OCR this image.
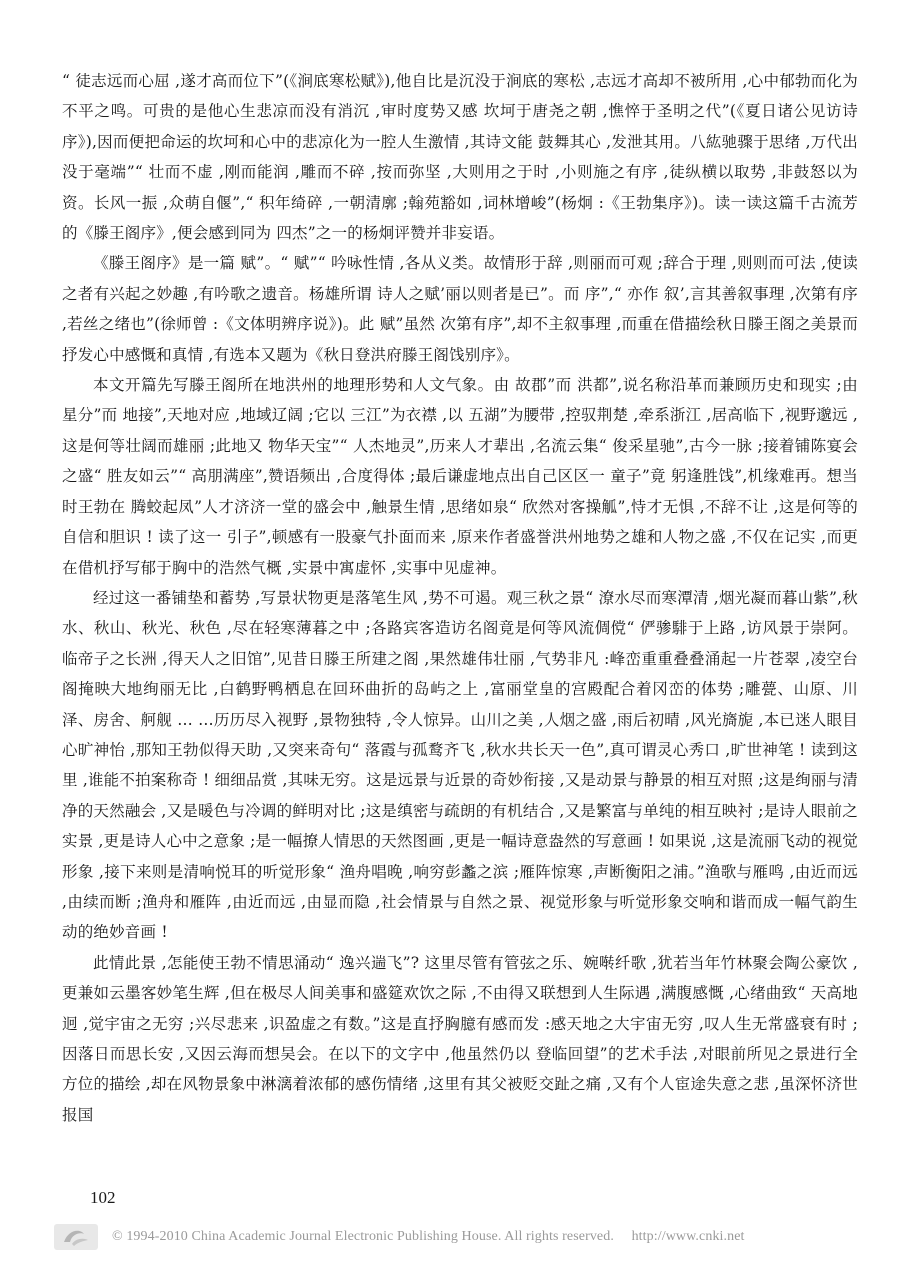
“ 徒志远而心屈 ,遂才高而位下”(《涧底寒松赋》),他自比是沉没于涧底的寒松 ,志远才高却不被所用 ,心中郁勃而化为不平之鸣。可贵的是他心生悲凉而没有消沉 ,审时度势又感 坎坷于唐尧之朝 ,憔悴于圣明之代”(《夏日诸公见访诗序》),因而便把命运的坎坷和心中的悲凉化为一腔人生激情 ,其诗文能 鼓舞其心 ,发泄其用。八紘驰骤于思绪 ,万代出没于毫端”“ 壮而不虚 ,刚而能润 ,雕而不碎 ,按而弥坚 ,大则用之于时 ,小则施之有序 ,徒纵横以取势 ,非鼓怒以为资。长风一振 ,众萌自偃”,“ 积年绮碎 ,一朝清廓 ;翰苑豁如 ,词林增峻”(杨炯 :《王勃集序》)。读一读这篇千古流芳的《滕王阁序》,便会感到同为 四杰”之一的杨炯评赞并非妄语。

《滕王阁序》是一篇 赋”。“ 赋”“ 吟咏性情 ,各从义类。故情形于辞 ,则丽而可观 ;辞合于理 ,则则而可法 ,使读之者有兴起之妙趣 ,有吟歌之遗音。杨雄所谓 诗人之赋’丽以则者是已”。而 序”,“ 亦作 叙’,言其善叙事理 ,次第有序 ,若丝之绪也”(徐师曾 :《文体明辨序说》)。此 赋”虽然 次第有序”,却不主叙事理 ,而重在借描绘秋日滕王阁之美景而抒发心中感慨和真情 ,有选本又题为《秋日登洪府滕王阁饯别序》。

本文开篇先写滕王阁所在地洪州的地理形势和人文气象。由 故郡”而 洪都”,说名称沿革而兼顾历史和现实 ;由 星分”而 地接”,天地对应 ,地域辽阔 ;它以 三江”为衣襟 ,以 五湖”为腰带 ,控驭荆楚 ,牵系浙江 ,居高临下 ,视野邈远 ,这是何等壮阔而雄丽 ;此地又 物华天宝”“ 人杰地灵”,历来人才辈出 ,名流云集“ 俊采星驰”,古今一脉 ;接着铺陈宴会之盛“ 胜友如云”“ 高朋满座”,赞语频出 ,合度得体 ;最后谦虚地点出自己区区一 童子”竟 躬逢胜饯”,机缘难再。想当时王勃在 腾蛟起凤”人才济济一堂的盛会中 ,触景生情 ,思绪如泉“ 欣然对客操觚”,恃才无惧 ,不辞不让 ,这是何等的自信和胆识 ! 读了这一 引子”,顿感有一股豪气扑面而来 ,原来作者盛誉洪州地势之雄和人物之盛 ,不仅在记实 ,而更在借机抒写郁于胸中的浩然气概 ,实景中寓虚怀 ,实事中见虚神。

经过这一番铺垫和蓄势 ,写景状物更是落笔生风 ,势不可遏。观三秋之景“ 潦水尽而寒潭清 ,烟光凝而暮山紫”,秋水、秋山、秋光、秋色 ,尽在轻寒薄暮之中 ;各路宾客造访名阁竟是何等风流倜傥“ 俨骖騑于上路 ,访风景于崇阿。临帝子之长洲 ,得天人之旧馆”,见昔日滕王所建之阁 ,果然雄伟壮丽 ,气势非凡 :峰峦重重叠叠涌起一片苍翠 ,凌空台阁掩映大地绚丽无比 ,白鹤野鸭栖息在回环曲折的岛屿之上 ,富丽堂皇的宫殿配合着冈峦的体势 ;雕甍、山原、川泽、房舍、舸舰 … …历历尽入视野 ,景物独特 ,令人惊异。山川之美 ,人烟之盛 ,雨后初晴 ,风光旖旎 ,本已迷人眼目心旷神怡 ,那知王勃似得天助 ,又突来奇句“ 落霞与孤鹜齐飞 ,秋水共长天一色”,真可谓灵心秀口 ,旷世神笔 ! 读到这里 ,谁能不拍案称奇 ! 细细品赏 ,其味无穷。这是远景与近景的奇妙衔接 ,又是动景与静景的相互对照 ;这是绚丽与清净的天然融会 ,又是暖色与冷调的鲜明对比 ;这是缜密与疏朗的有机结合 ,又是繁富与单纯的相互映衬 ;是诗人眼前之实景 ,更是诗人心中之意象 ;是一幅撩人情思的天然图画 ,更是一幅诗意盎然的写意画 ! 如果说 ,这是流丽飞动的视觉形象 ,接下来则是清响悦耳的听觉形象“ 渔舟唱晚 ,响穷彭蠡之滨 ;雁阵惊寒 ,声断衡阳之浦。”渔歌与雁鸣 ,由近而远 ,由续而断 ;渔舟和雁阵 ,由近而远 ,由显而隐 ,社会情景与自然之景、视觉形象与听觉形象交响和谐而成一幅气韵生动的绝妙音画 !

此情此景 ,怎能使王勃不情思涌动“ 逸兴遄飞”? 这里尽管有管弦之乐、婉啭纤歌 ,犹若当年竹林聚会陶公豪饮 ,更兼如云墨客妙笔生辉 ,但在极尽人间美事和盛筵欢饮之际 ,不由得又联想到人生际遇 ,满腹感慨 ,心绪曲致“ 天高地迥 ,觉宇宙之无穷 ;兴尽悲来 ,识盈虚之有数。”这是直抒胸臆有感而发 :感天地之大宇宙无穷 ,叹人生无常盛衰有时 ;因落日而思长安 ,又因云海而想吴会。在以下的文字中 ,他虽然仍以 登临回望”的艺术手法 ,对眼前所见之景进行全方位的描绘 ,却在风物景象中淋漓着浓郁的感伤情绪 ,这里有其父被贬交趾之痛 ,又有个人宦途失意之悲 ,虽深怀济世报国

102
© 1994-2010 China Academic Journal Electronic Publishing House. All rights reserved. http://www.cnki.net
